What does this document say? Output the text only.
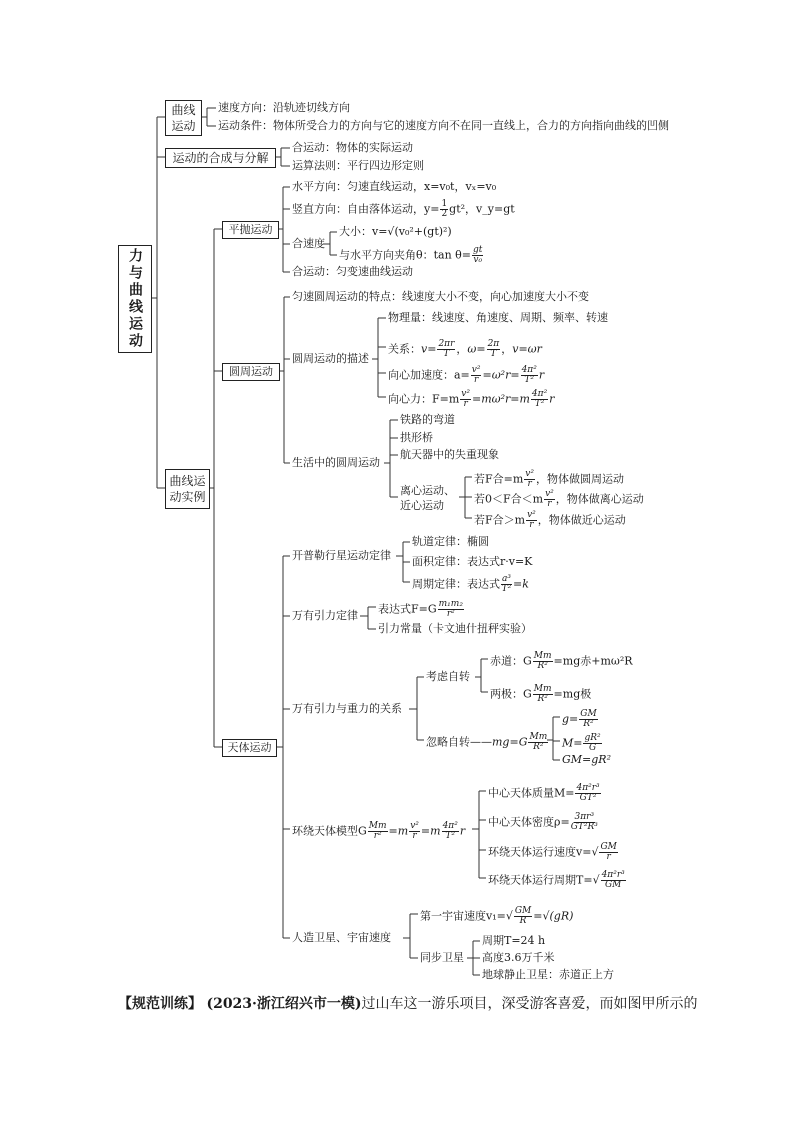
力与曲线运动
曲线运动
速度方向：沿轨迹切线方向
运动条件：物体所受合力的方向与它的速度方向不在同一直线上，合力的方向指向曲线的凹侧
运动的合成与分解
合运动：物体的实际运动
运算法则：平行四边形定则
曲线运动实例
平抛运动
水平方向：匀速直线运动，x=v₀t，vₓ=v₀
竖直方向：自由落体运动，$y= \frac{1}{2} gt^2$，v_y=gt
合速度
大小：v=√(v₀²+(gt)²)
与水平方向夹角θ：$\tan \theta= \frac{gt}{\text{v₀}}$
合运动：匀变速曲线运动
圆周运动
匀速圆周运动的特点：线速度大小不变，向心加速度大小不变
圆周运动的描述
物理量：线速度、角速度、周期、频率、转速
关系：$v= \frac{2\pi r}{T}$ ，$\omega= \frac{2\pi}{T}$ ，v=ωr
向心加速度：$a= \frac{\text{v²}}{r} =\omega^2r= \frac{\text{4π²}}{\text{T²}}$ r
向心力：$F=m \frac{\text{v²}}{r} =m\omega^2r=m \frac{\text{4π²}}{\text{T²}}$ r
生活中的圆周运动
铁路的弯道
拱形桥
航天器中的失重现象
离心运动、近心运动
若F合$=m \frac{\text{v²}}{r}$ ，物体做圆周运动
若0＜F合$<m \frac{\text{v²}}{r}$ ，物体做离心运动
若F合$>m \frac{\text{v²}}{r}$ ，物体做近心运动
天体运动
开普勒行星运动定律
轨道定律：椭圆
面积定律：表达式r·v=K
周期定律：表达式 $\frac{\text{a³}}{\text{T²}} =k$
万有引力定律 表达式$F=G \frac{\text{m₁m₂}}{\text{r²}}$
引力常量（卡文迪什扭秤实验）
万有引力与重力的关系
考虑自转
赤道：G $\frac{Mm}{\text{R²}} =mg$赤+mω²R
两极：G $\frac{Mm}{\text{R²}} =mg$极
忽略自转——mg=G $\frac{Mm}{\text{R²}}$
$g= \frac{GM}{\text{R²}}$
$M= \frac{\text{gR²}}{G}$
GM=gR²
环绕天体模型G $\frac{Mm}{\text{r²}} =m \frac{\text{v²}}{r} =m \frac{\text{4π²}}{\text{T²}}$ r
中心天体质量$M= \frac{\text{4π²r³}}{\text{GT²}}$
中心天体密度$\rho= \frac{\text{3πr³}}{\text{GT²R³}}$
环绕天体运行速度$v=√ \frac{GM}{r}$
环绕天体运行周期$T=√ \frac{\text{4π²r³}}{GM}$
人造卫星、宇宙速度
第一宇宙速度$v_1=√ \frac{GM}{R} =√(gR)$
同步卫星
周期T=24 h
高度3.6万千米
地球静止卫星：赤道正上方
【规范训练】 (2023·浙江绍兴市一模)过山车这一游乐项目，深受游客喜爱，而如图甲所示的
